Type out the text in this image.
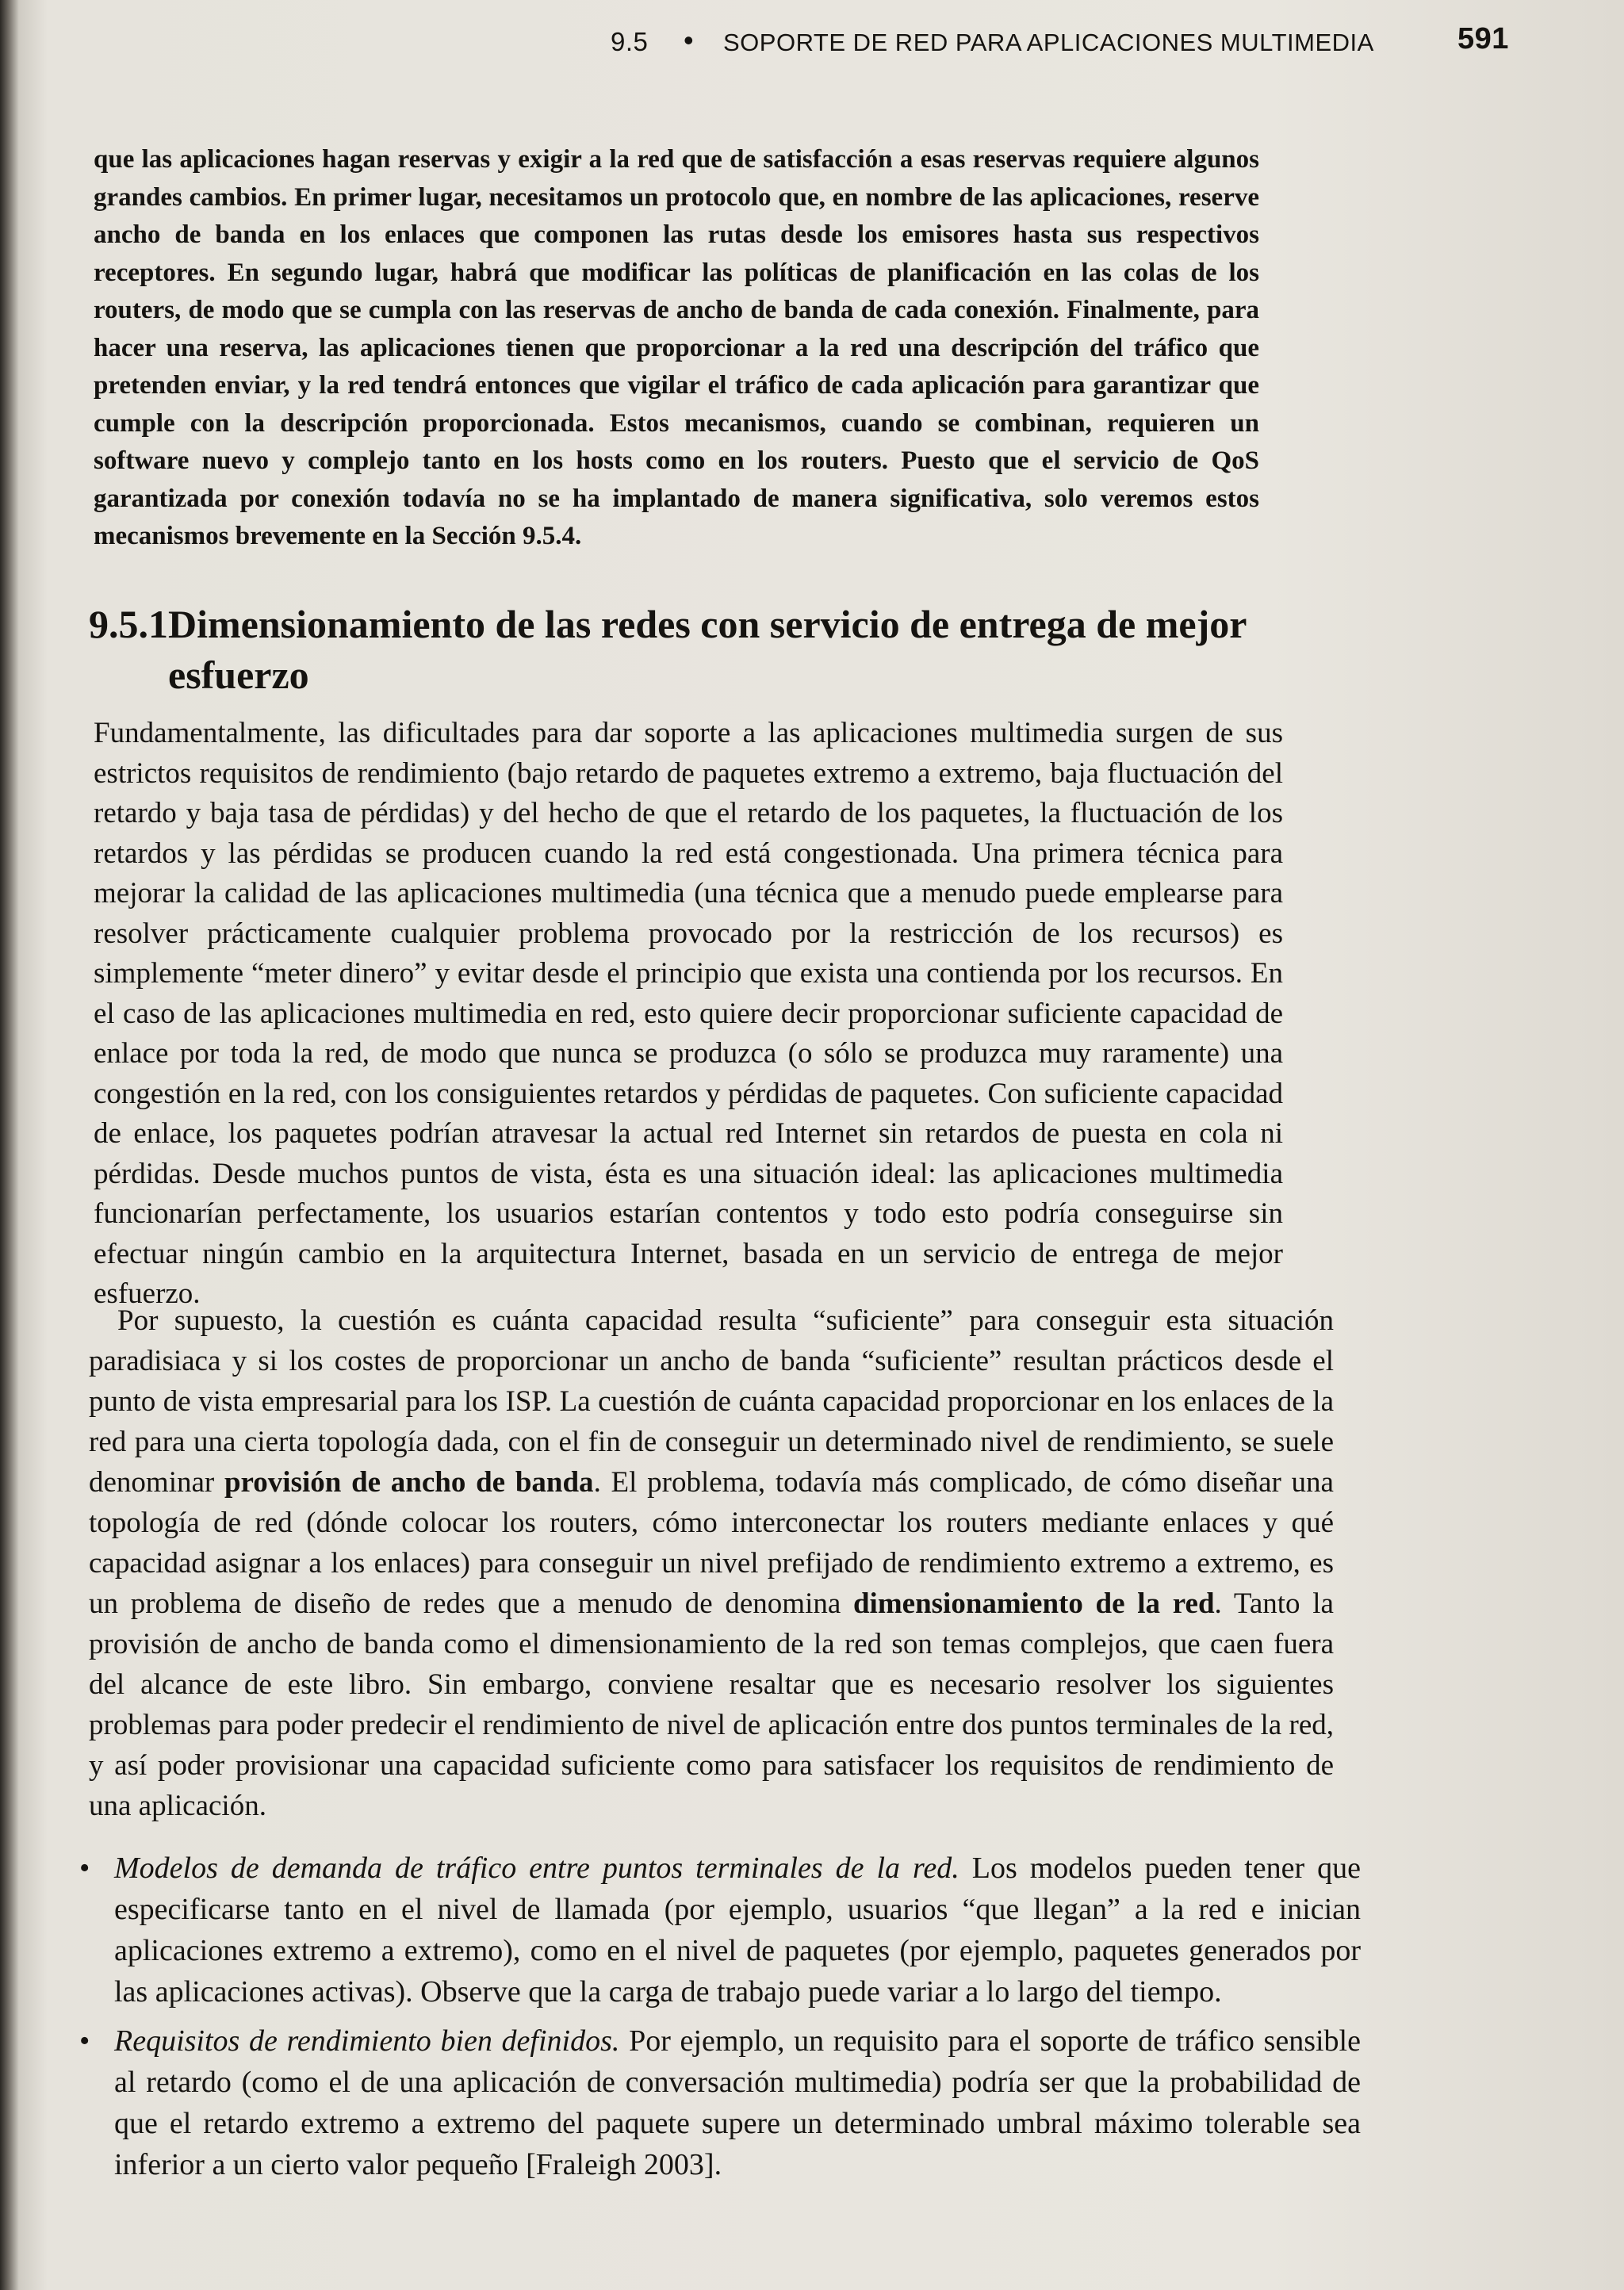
9.5 • SOPORTE DE RED PARA APLICACIONES MULTIMEDIA	591
que las aplicaciones hagan reservas y exigir a la red que de satisfacción a esas reservas requiere algunos grandes cambios. En primer lugar, necesitamos un protocolo que, en nombre de las aplicaciones, reserve ancho de banda en los enlaces que componen las rutas desde los emisores hasta sus respectivos receptores. En segundo lugar, habrá que modificar las políticas de planificación en las colas de los routers, de modo que se cumpla con las reservas de ancho de banda de cada conexión. Finalmente, para hacer una reserva, las aplicaciones tienen que proporcionar a la red una descripción del tráfico que pretenden enviar, y la red tendrá entonces que vigilar el tráfico de cada aplicación para garantizar que cumple con la descripción proporcionada. Estos mecanismos, cuando se combinan, requieren un software nuevo y complejo tanto en los hosts como en los routers. Puesto que el servicio de QoS garantizada por conexión todavía no se ha implantado de manera significativa, solo veremos estos mecanismos brevemente en la Sección 9.5.4.
9.5.1 Dimensionamiento de las redes con servicio de entrega de mejor esfuerzo
Fundamentalmente, las dificultades para dar soporte a las aplicaciones multimedia surgen de sus estrictos requisitos de rendimiento (bajo retardo de paquetes extremo a extremo, baja fluctuación del retardo y baja tasa de pérdidas) y del hecho de que el retardo de los paquetes, la fluctuación de los retardos y las pérdidas se producen cuando la red está congestionada. Una primera técnica para mejorar la calidad de las aplicaciones multimedia (una técnica que a menudo puede emplearse para resolver prácticamente cualquier problema provocado por la restricción de los recursos) es simplemente “meter dinero” y evitar desde el principio que exista una contienda por los recursos. En el caso de las aplicaciones multimedia en red, esto quiere decir proporcionar suficiente capacidad de enlace por toda la red, de modo que nunca se produzca (o sólo se produzca muy raramente) una congestión en la red, con los consiguientes retardos y pérdidas de paquetes. Con suficiente capacidad de enlace, los paquetes podrían atravesar la actual red Internet sin retardos de puesta en cola ni pérdidas. Desde muchos puntos de vista, ésta es una situación ideal: las aplicaciones multimedia funcionarían perfectamente, los usuarios estarían contentos y todo esto podría conseguirse sin efectuar ningún cambio en la arquitectura Internet, basada en un servicio de entrega de mejor esfuerzo.
Por supuesto, la cuestión es cuánta capacidad resulta “suficiente” para conseguir esta situación paradisiaca y si los costes de proporcionar un ancho de banda “suficiente” resultan prácticos desde el punto de vista empresarial para los ISP. La cuestión de cuánta capacidad proporcionar en los enlaces de la red para una cierta topología dada, con el fin de conseguir un determinado nivel de rendimiento, se suele denominar provisión de ancho de banda. El problema, todavía más complicado, de cómo diseñar una topología de red (dónde colocar los routers, cómo interconectar los routers mediante enlaces y qué capacidad asignar a los enlaces) para conseguir un nivel prefijado de rendimiento extremo a extremo, es un problema de diseño de redes que a menudo de denomina dimensionamiento de la red. Tanto la provisión de ancho de banda como el dimensionamiento de la red son temas complejos, que caen fuera del alcance de este libro. Sin embargo, conviene resaltar que es necesario resolver los siguientes problemas para poder predecir el rendimiento de nivel de aplicación entre dos puntos terminales de la red, y así poder provisionar una capacidad suficiente como para satisfacer los requisitos de rendimiento de una aplicación.
• Modelos de demanda de tráfico entre puntos terminales de la red. Los modelos pueden tener que especificarse tanto en el nivel de llamada (por ejemplo, usuarios “que llegan” a la red e inician aplicaciones extremo a extremo), como en el nivel de paquetes (por ejemplo, paquetes generados por las aplicaciones activas). Observe que la carga de trabajo puede variar a lo largo del tiempo.
• Requisitos de rendimiento bien definidos. Por ejemplo, un requisito para el soporte de tráfico sensible al retardo (como el de una aplicación de conversación multimedia) podría ser que la probabilidad de que el retardo extremo a extremo del paquete supere un determinado umbral máximo tolerable sea inferior a un cierto valor pequeño [Fraleigh 2003].
